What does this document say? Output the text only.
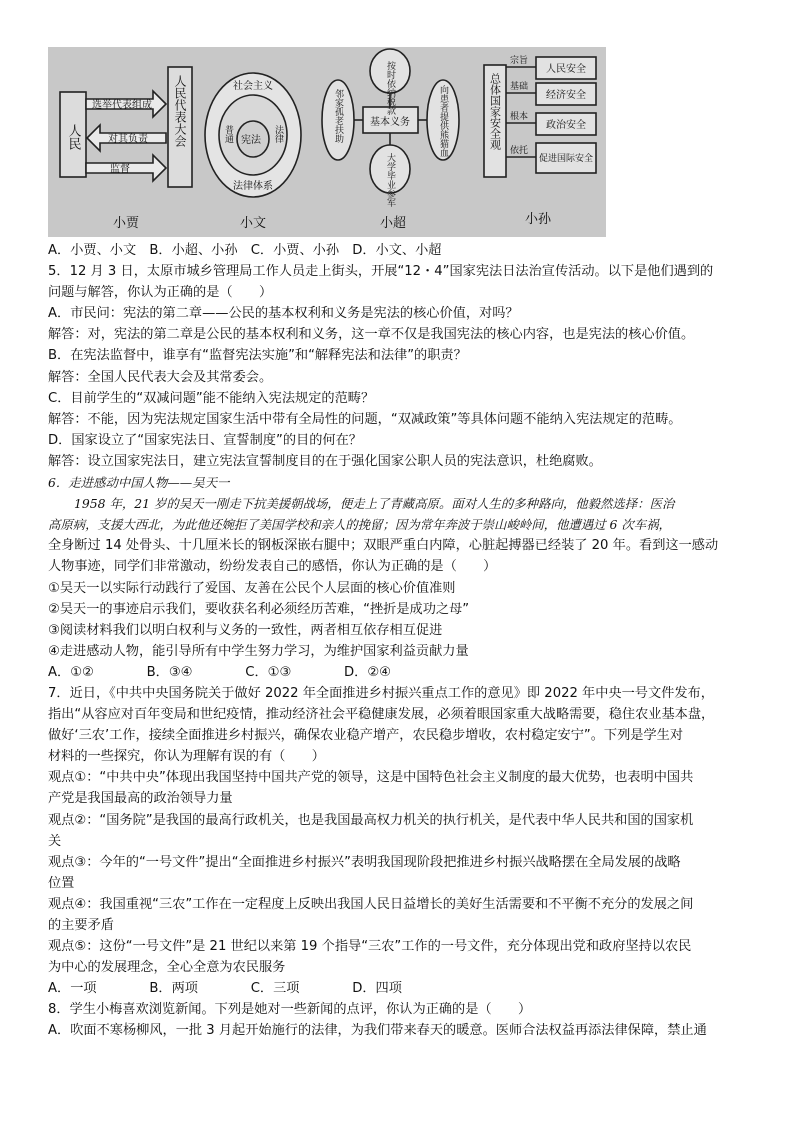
人民	人民代表大会
选举代表组成
对其负责
监督
小贾
社会主义
普通 宪法 法律
法律体系
小文
基本义务
按时依纳税款
邻家孤老扶助	向患者提供熊猫血
大学毕业参军
小超
总体国家安全观
宗旨
人民安全
基础
经济安全
根本
政治安全
依托
促进国际安全
小孙
A．小贾、小文　B．小超、小孙　C．小贾、小孙　D．小文、小超
5．12 月 3 日，太原市城乡管理局工作人员走上街头，开展“12・4”国家宪法日法治宣传活动。以下是他们遇到的
问题与解答，你认为正确的是（　　）
A．市民问：宪法的第二章——公民的基本权利和义务是宪法的核心价值，对吗？
解答：对，宪法的第二章是公民的基本权利和义务，这一章不仅是我国宪法的核心内容，也是宪法的核心价值。
B．在宪法监督中，谁享有“监督宪法实施”和“解释宪法和法律”的职责？
解答：全国人民代表大会及其常委会。
C．目前学生的“双减问题”能不能纳入宪法规定的范畴？
解答：不能，因为宪法规定国家生活中带有全局性的问题，“双减政策”等具体问题不能纳入宪法规定的范畴。
D．国家设立了“国家宪法日、宣誓制度”的目的何在？
解答：设立国家宪法日，建立宪法宣誓制度目的在于强化国家公职人员的宪法意识，杜绝腐败。
6．走进感动中国人物——吴天一
1958 年，21 岁的吴天一刚走下抗美援朝战场，便走上了青藏高原。面对人生的多种路向，他毅然选择：医治
高原病，支援大西北，为此他还婉拒了美国学校和亲人的挽留；因为常年奔波于崇山峻岭间，他遭遇过 6 次车祸，
全身断过 14 处骨头、十几厘米长的钢板深嵌右腿中；双眼严重白内障，心脏起搏器已经装了 20 年。看到这一感动
人物事迹，同学们非常激动，纷纷发表自己的感悟，你认为正确的是（　　）
①吴天一以实际行动践行了爱国、友善在公民个人层面的核心价值准则
②吴天一的事迹启示我们，要收获名利必须经历苦难，“挫折是成功之母”
③阅读材料我们以明白权利与义务的一致性，两者相互依存相互促进
④走进感动人物，能引导所有中学生努力学习，为维护国家利益贡献力量
A．①②　　　　B．③④　　　　C．①③　　　　D．②④
7．近日，《中共中央国务院关于做好 2022 年全面推进乡村振兴重点工作的意见》即 2022 年中央一号文件发布，
指出“从容应对百年变局和世纪疫情，推动经济社会平稳健康发展，必须着眼国家重大战略需要，稳住农业基本盘，
做好‘三农’工作，接续全面推进乡村振兴，确保农业稳产增产，农民稳步增收，农村稳定安宁”。下列是学生对
材料的一些探究，你认为理解有误的有（　　）
观点①：“中共中央”体现出我国坚持中国共产党的领导，这是中国特色社会主义制度的最大优势，也表明中国共
产党是我国最高的政治领导力量
观点②：“国务院”是我国的最高行政机关，也是我国最高权力机关的执行机关，是代表中华人民共和国的国家机
关
观点③：今年的“一号文件”提出“全面推进乡村振兴”表明我国现阶段把推进乡村振兴战略摆在全局发展的战略
位置
观点④：我国重视“三农”工作在一定程度上反映出我国人民日益增长的美好生活需要和不平衡不充分的发展之间
的主要矛盾
观点⑤：这份“一号文件”是 21 世纪以来第 19 个指导“三农”工作的一号文件，充分体现出党和政府坚持以农民
为中心的发展理念，全心全意为农民服务
A．一项　　　　B．两项　　　　C．三项　　　　D．四项
8．学生小梅喜欢浏览新闻。下列是她对一些新闻的点评，你认为正确的是（　　）
A．吹面不寒杨柳风，一批 3 月起开始施行的法律，为我们带来春天的暖意。医师合法权益再添法律保障，禁止通
